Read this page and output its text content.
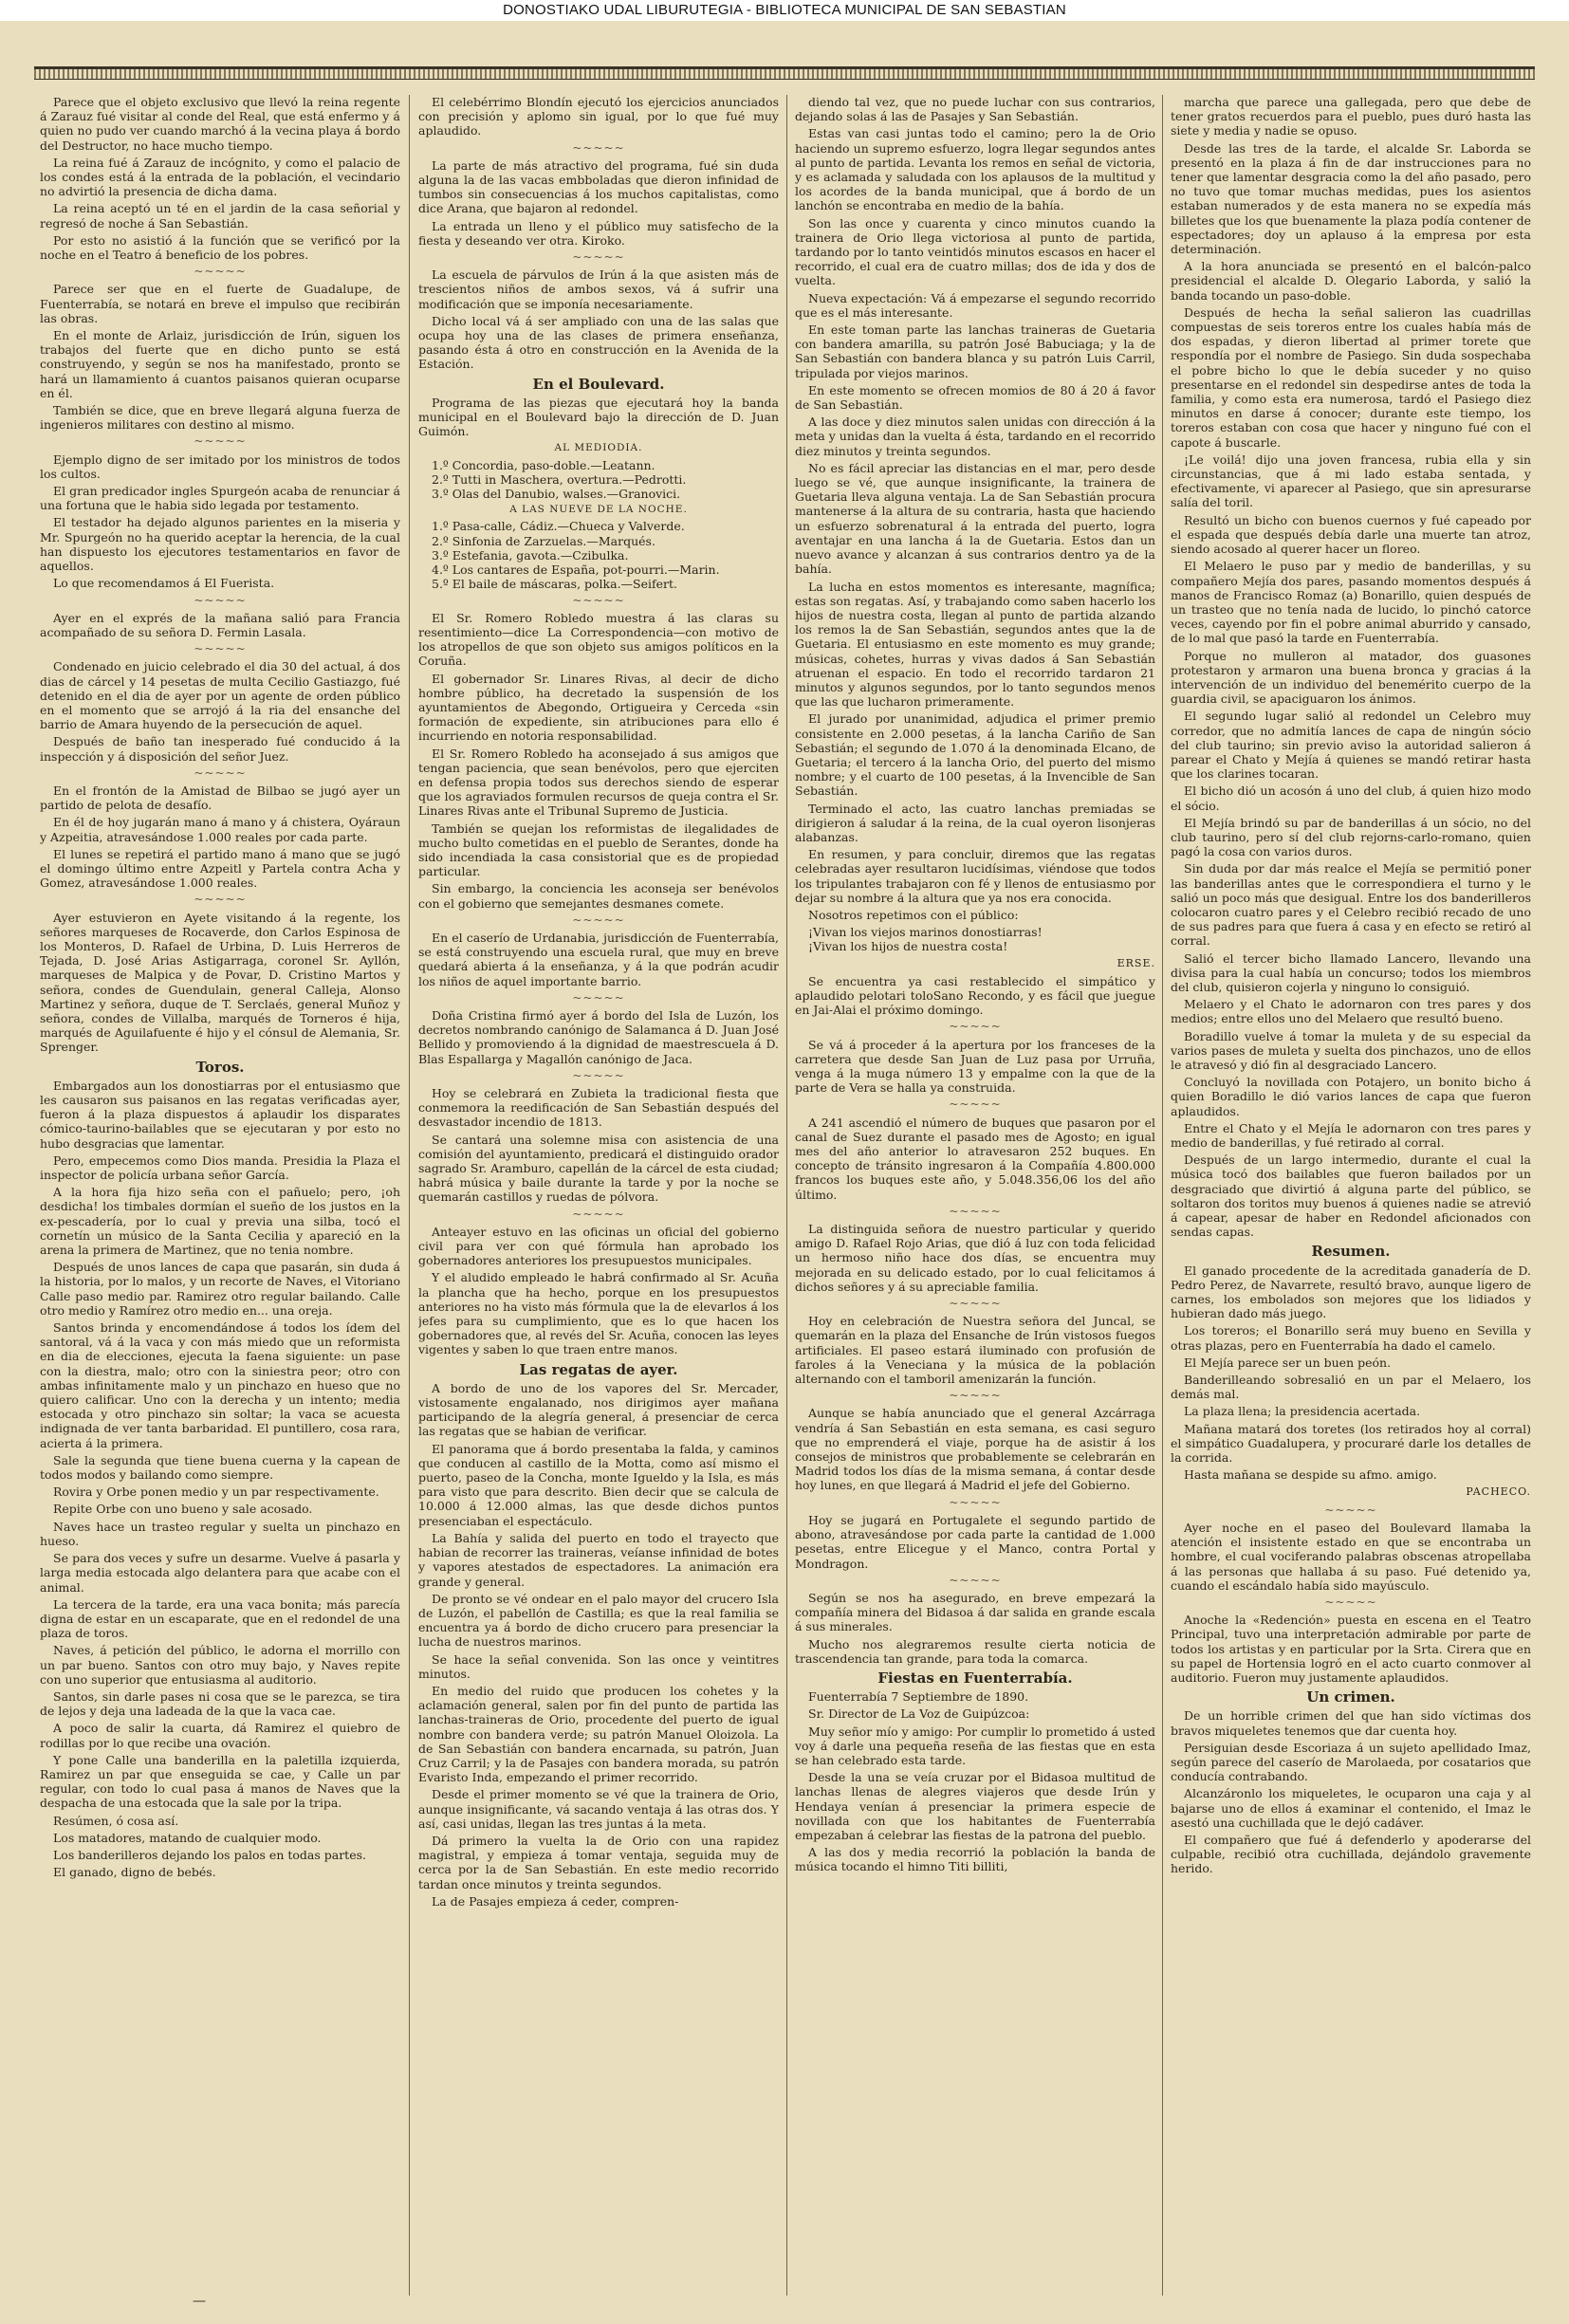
DONOSTIAKO UDAL LIBURUTEGIA - BIBLIOTECA MUNICIPAL DE SAN SEBASTIAN

Parece que el objeto exclusivo que llevó la reina regente á Zarauz fué visitar al conde del Real, que está enfermo y á quien no pudo ver cuando marchó á la vecina playa á bordo del Destructor, no hace mucho tiempo.

La reina fué á Zarauz de incógnito, y como el palacio de los condes está á la entrada de la población, el vecindario no advirtió la presencia de dicha dama.

La reina aceptó un té en el jardin de la casa señorial y regresó de noche á San Sebastián.

Por esto no asistió á la función que se verificó por la noche en el Teatro á beneficio de los pobres.

~~~~~

Parece ser que en el fuerte de Guadalupe, de Fuenterrabía, se notará en breve el impulso que recibirán las obras.

En el monte de Arlaiz, jurisdicción de Irún, siguen los trabajos del fuerte que en dicho punto se está construyendo, y según se nos ha manifestado, pronto se hará un llamamiento á cuantos paisanos quieran ocuparse en él.

También se dice, que en breve llegará alguna fuerza de ingenieros militares con destino al mismo.

~~~~~

Ejemplo digno de ser imitado por los ministros de todos los cultos.

El gran predicador ingles Spurgeón acaba de renunciar á una fortuna que le habia sido legada por testamento.

El testador ha dejado algunos parientes en la miseria y Mr. Spurgeón no ha querido aceptar la herencia, de la cual han dispuesto los ejecutores testamentarios en favor de aquellos.

Lo que recomendamos á El Fuerista.

~~~~~

Ayer en el exprés de la mañana salió para Francia acompañado de su señora D. Fermin Lasala.

~~~~~

Condenado en juicio celebrado el dia 30 del actual, á dos dias de cárcel y 14 pesetas de multa Cecilio Gastiazgo, fué detenido en el dia de ayer por un agente de orden público en el momento que se arrojó á la ria del ensanche del barrio de Amara huyendo de la persecución de aquel.

Después de baño tan inesperado fué conducido á la inspección y á disposición del señor Juez.

~~~~~

En el frontón de la Amistad de Bilbao se jugó ayer un partido de pelota de desafío.

En él de hoy jugarán mano á mano y á chistera, Oyáraun y Azpeitia, atravesándose 1.000 reales por cada parte.

El lunes se repetirá el partido mano á mano que se jugó el domingo último entre Azpeitl y Partela contra Acha y Gomez, atravesándose 1.000 reales.

~~~~~

Ayer estuvieron en Ayete visitando á la regente, los señores marqueses de Rocaverde, don Carlos Espinosa de los Monteros, D. Rafael de Urbina, D. Luis Herreros de Tejada, D. José Arias Astigarraga, coronel Sr. Ayllón, marqueses de Malpica y de Povar, D. Cristino Martos y señora, condes de Guendulain, general Calleja, Alonso Martinez y señora, duque de T. Serclaés, general Muñoz y señora, condes de Villalba, marqués de Torneros é hija, marqués de Aguilafuente é hijo y el cónsul de Alemania, Sr. Sprenger.

Toros.

Embargados aun los donostiarras por el entusiasmo que les causaron sus paisanos en las regatas verificadas ayer, fueron á la plaza dispuestos á aplaudir los disparates cómico-taurino-bailables que se ejecutaran y por esto no hubo desgracias que lamentar.

Pero, empecemos como Dios manda. Presidia la Plaza el inspector de policía urbana señor García.

A la hora fija hizo seña con el pañuelo; pero, ¡oh desdicha! los timbales dormían el sueño de los justos en la ex-pescadería, por lo cual y previa una silba, tocó el cornetín un músico de la Santa Cecilia y apareció en la arena la primera de Martinez, que no tenia nombre.

Después de unos lances de capa que pasarán, sin duda á la historia, por lo malos, y un recorte de Naves, el Vitoriano Calle paso medio par. Ramirez otro regular bailando. Calle otro medio y Ramírez otro medio en... una oreja.

Santos brinda y encomendándose á todos los ídem del santoral, vá á la vaca y con más miedo que un reformista en dia de elecciones, ejecuta la faena siguiente: un pase con la diestra, malo; otro con la siniestra peor; otro con ambas infinitamente malo y un pinchazo en hueso que no quiero calificar. Uno con la derecha y un intento; media estocada y otro pinchazo sin soltar; la vaca se acuesta indignada de ver tanta barbaridad. El puntillero, cosa rara, acierta á la primera.

Sale la segunda que tiene buena cuerna y la capean de todos modos y bailando como siempre.

Rovira y Orbe ponen medio y un par respectivamente.

Repite Orbe con uno bueno y sale acosado.

Naves hace un trasteo regular y suelta un pinchazo en hueso.

Se para dos veces y sufre un desarme. Vuelve á pasarla y larga media estocada algo delantera para que acabe con el animal.

La tercera de la tarde, era una vaca bonita; más parecía digna de estar en un escaparate, que en el redondel de una plaza de toros.

Naves, á petición del público, le adorna el morrillo con un par bueno. Santos con otro muy bajo, y Naves repite con uno superior que entusiasma al auditorio.

Santos, sin darle pases ni cosa que se le parezca, se tira de lejos y deja una ladeada de la que la vaca cae.

A poco de salir la cuarta, dá Ramirez el quiebro de rodillas por lo que recibe una ovación.

Y pone Calle una banderilla en la paletilla izquierda, Ramirez un par que enseguida se cae, y Calle un par regular, con todo lo cual pasa á manos de Naves que la despacha de una estocada que la sale por la tripa.

Resúmen, ó cosa así.

Los matadores, matando de cualquier modo.

Los banderilleros dejando los palos en todas partes.

El ganado, digno de bebés.

El celebérrimo Blondín ejecutó los ejercicios anunciados con precisión y aplomo sin igual, por lo que fué muy aplaudido.

~~~~~

La parte de más atractivo del programa, fué sin duda alguna la de las vacas embboladas que dieron infinidad de tumbos sin consecuencias á los muchos capitalistas, como dice Arana, que bajaron al redondel.

La entrada un lleno y el público muy satisfecho de la fiesta y deseando ver otra. Kiroko.

~~~~~

La escuela de párvulos de Irún á la que asisten más de trescientos niños de ambos sexos, vá á sufrir una modificación que se imponía necesariamente.

Dicho local vá á ser ampliado con una de las salas que ocupa hoy una de las clases de primera enseñanza, pasando ésta á otro en construcción en la Avenida de la Estación.

En el Boulevard.

Programa de las piezas que ejecutará hoy la banda municipal en el Boulevard bajo la dirección de D. Juan Guimón.

AL MEDIODIA.

1.º Concordia, paso-doble.—Leatann.

2.º Tutti in Maschera, overtura.—Pedrotti.

3.º Olas del Danubio, walses.—Granovici.

A LAS NUEVE DE LA NOCHE.

1.º Pasa-calle, Cádiz.—Chueca y Valverde.

2.º Sinfonia de Zarzuelas.—Marqués.

3.º Estefania, gavota.—Czibulka.

4.º Los cantares de España, pot-pourri.—Marin.

5.º El baile de máscaras, polka.—Seifert.

~~~~~

El Sr. Romero Robledo muestra á las claras su resentimiento—dice La Correspondencia—con motivo de los atropellos de que son objeto sus amigos políticos en la Coruña.

El gobernador Sr. Linares Rivas, al decir de dicho hombre público, ha decretado la suspensión de los ayuntamientos de Abegondo, Ortigueira y Cerceda «sin formación de expediente, sin atribuciones para ello é incurriendo en notoria responsabilidad.

El Sr. Romero Robledo ha aconsejado á sus amigos que tengan paciencia, que sean benévolos, pero que ejerciten en defensa propia todos sus derechos siendo de esperar que los agraviados formulen recursos de queja contra el Sr. Linares Rivas ante el Tribunal Supremo de Justicia.

También se quejan los reformistas de ilegalidades de mucho bulto cometidas en el pueblo de Serantes, donde ha sido incendiada la casa consistorial que es de propiedad particular.

Sin embargo, la conciencia les aconseja ser benévolos con el gobierno que semejantes desmanes comete.

~~~~~

En el caserío de Urdanabia, jurisdicción de Fuenterrabía, se está construyendo una escuela rural, que muy en breve quedará abierta á la enseñanza, y á la que podrán acudir los niños de aquel importante barrio.

~~~~~

Doña Cristina firmó ayer á bordo del Isla de Luzón, los decretos nombrando canónigo de Salamanca á D. Juan José Bellido y promoviendo á la dignidad de maestrescuela á D. Blas Espallarga y Magallón canónigo de Jaca.

~~~~~

Hoy se celebrará en Zubieta la tradicional fiesta que conmemora la reedificación de San Sebastián después del desvastador incendio de 1813.

Se cantará una solemne misa con asistencia de una comisión del ayuntamiento, predicará el distinguido orador sagrado Sr. Aramburo, capellán de la cárcel de esta ciudad; habrá música y baile durante la tarde y por la noche se quemarán castillos y ruedas de pólvora.

~~~~~

Anteayer estuvo en las oficinas un oficial del gobierno civil para ver con qué fórmula han aprobado los gobernadores anteriores los presupuestos municipales.

Y el aludido empleado le habrá confirmado al Sr. Acuña la plancha que ha hecho, porque en los presupuestos anteriores no ha visto más fórmula que la de elevarlos á los jefes para su cumplimiento, que es lo que hacen los gobernadores que, al revés del Sr. Acuña, conocen las leyes vigentes y saben lo que traen entre manos.

Las regatas de ayer.

A bordo de uno de los vapores del Sr. Mercader, vistosamente engalanado, nos dirigimos ayer mañana participando de la alegría general, á presenciar de cerca las regatas que se habian de verificar.

El panorama que á bordo presentaba la falda, y caminos que conducen al castillo de la Motta, como así mismo el puerto, paseo de la Concha, monte Igueldo y la Isla, es más para visto que para descrito. Bien decir que se calcula de 10.000 á 12.000 almas, las que desde dichos puntos presenciaban el espectáculo.

La Bahía y salida del puerto en todo el trayecto que habian de recorrer las traineras, veíanse infinidad de botes y vapores atestados de espectadores. La animación era grande y general.

De pronto se vé ondear en el palo mayor del crucero Isla de Luzón, el pabellón de Castilla; es que la real familia se encuentra ya á bordo de dicho crucero para presenciar la lucha de nuestros marinos.

Se hace la señal convenida. Son las once y veintitres minutos.

En medio del ruido que producen los cohetes y la aclamación general, salen por fin del punto de partida las lanchas-traineras de Orio, procedente del puerto de igual nombre con bandera verde; su patrón Manuel Oloizola. La de San Sebastián con bandera encarnada, su patrón, Juan Cruz Carril; y la de Pasajes con bandera morada, su patrón Evaristo Inda, empezando el primer recorrido.

Desde el primer momento se vé que la trainera de Orio, aunque insignificante, vá sacando ventaja á las otras dos. Y así, casi unidas, llegan las tres juntas á la meta.

Dá primero la vuelta la de Orio con una rapidez magistral, y empieza á tomar ventaja, seguida muy de cerca por la de San Sebastián. En este medio recorrido tardan once minutos y treinta segundos.

La de Pasajes empieza á ceder, compren-

diendo tal vez, que no puede luchar con sus contrarios, dejando solas á las de Pasajes y San Sebastián.

Estas van casi juntas todo el camino; pero la de Orio haciendo un supremo esfuerzo, logra llegar segundos antes al punto de partida. Levanta los remos en señal de victoria, y es aclamada y saludada con los aplausos de la multitud y los acordes de la banda municipal, que á bordo de un lanchón se encontraba en medio de la bahía.

Son las once y cuarenta y cinco minutos cuando la trainera de Orio llega victoriosa al punto de partida, tardando por lo tanto veintidós minutos escasos en hacer el recorrido, el cual era de cuatro millas; dos de ida y dos de vuelta.

Nueva expectación: Vá á empezarse el segundo recorrido que es el más interesante.

En este toman parte las lanchas traineras de Guetaria con bandera amarilla, su patrón José Babuciaga; y la de San Sebastián con bandera blanca y su patrón Luis Carril, tripulada por viejos marinos.

En este momento se ofrecen momios de 80 á 20 á favor de San Sebastián.

A las doce y diez minutos salen unidas con dirección á la meta y unidas dan la vuelta á ésta, tardando en el recorrido diez minutos y treinta segundos.

No es fácil apreciar las distancias en el mar, pero desde luego se vé, que aunque insignificante, la trainera de Guetaria lleva alguna ventaja. La de San Sebastián procura mantenerse á la altura de su contraria, hasta que haciendo un esfuerzo sobrenatural á la entrada del puerto, logra aventajar en una lancha á la de Guetaria. Estos dan un nuevo avance y alcanzan á sus contrarios dentro ya de la bahía.

La lucha en estos momentos es interesante, magnífica; estas son regatas. Así, y trabajando como saben hacerlo los hijos de nuestra costa, llegan al punto de partida alzando los remos la de San Sebastián, segundos antes que la de Guetaria. El entusiasmo en este momento es muy grande; músicas, cohetes, hurras y vivas dados á San Sebastián atruenan el espacio. En todo el recorrido tardaron 21 minutos y algunos segundos, por lo tanto segundos menos que las que lucharon primeramente.

El jurado por unanimidad, adjudica el primer premio consistente en 2.000 pesetas, á la lancha Cariño de San Sebastián; el segundo de 1.070 á la denominada Elcano, de Guetaria; el tercero á la lancha Orio, del puerto del mismo nombre; y el cuarto de 100 pesetas, á la Invencible de San Sebastián.

Terminado el acto, las cuatro lanchas premiadas se dirigieron á saludar á la reina, de la cual oyeron lisonjeras alabanzas.

En resumen, y para concluir, diremos que las regatas celebradas ayer resultaron lucidísimas, viéndose que todos los tripulantes trabajaron con fé y llenos de entusiasmo por dejar su nombre á la altura que ya nos era conocida.

Nosotros repetimos con el público:

¡Vivan los viejos marinos donostiarras!

¡Vivan los hijos de nuestra costa!

ERSE.

Se encuentra ya casi restablecido el simpático y aplaudido pelotari toloSano Recondo, y es fácil que juegue en Jai-Alai el próximo domingo.

~~~~~

Se vá á proceder á la apertura por los franceses de la carretera que desde San Juan de Luz pasa por Urruña, venga á la muga número 13 y empalme con la que de la parte de Vera se halla ya construida.

~~~~~

A 241 ascendió el número de buques que pasaron por el canal de Suez durante el pasado mes de Agosto; en igual mes del año anterior lo atravesaron 252 buques. En concepto de tránsito ingresaron á la Compañía 4.800.000 francos los buques este año, y 5.048.356,06 los del año último.

~~~~~

La distinguida señora de nuestro particular y querido amigo D. Rafael Rojo Arias, que dió á luz con toda felicidad un hermoso niño hace dos días, se encuentra muy mejorada en su delicado estado, por lo cual felicitamos á dichos señores y á su apreciable familia.

~~~~~

Hoy en celebración de Nuestra señora del Juncal, se quemarán en la plaza del Ensanche de Irún vistosos fuegos artificiales. El paseo estará iluminado con profusión de faroles á la Veneciana y la música de la población alternando con el tamboril amenizarán la función.

~~~~~

Aunque se había anunciado que el general Azcárraga vendría á San Sebastián en esta semana, es casi seguro que no emprenderá el viaje, porque ha de asistir á los consejos de ministros que probablemente se celebrarán en Madrid todos los días de la misma semana, á contar desde hoy lunes, en que llegará á Madrid el jefe del Gobierno.

~~~~~

Hoy se jugará en Portugalete el segundo partido de abono, atravesándose por cada parte la cantidad de 1.000 pesetas, entre Elicegue y el Manco, contra Portal y Mondragon.

~~~~~

Según se nos ha asegurado, en breve empezará la compañía minera del Bidasoa á dar salida en grande escala á sus minerales.

Mucho nos alegraremos resulte cierta noticia de trascendencia tan grande, para toda la comarca.

Fiestas en Fuenterrabía.

Fuenterrabía 7 Septiembre de 1890.

Sr. Director de La Voz de Guipúzcoa:

Muy señor mío y amigo: Por cumplir lo prometido á usted voy á darle una pequeña reseña de las fiestas que en esta se han celebrado esta tarde.

Desde la una se veía cruzar por el Bidasoa multitud de lanchas llenas de alegres viajeros que desde Irún y Hendaya venían á presenciar la primera especie de novillada con que los habitantes de Fuenterrabía empezaban á celebrar las fiestas de la patrona del pueblo.

A las dos y media recorrió la población la banda de música tocando el himno Titi billiti,

marcha que parece una gallegada, pero que debe de tener gratos recuerdos para el pueblo, pues duró hasta las siete y media y nadie se opuso.

Desde las tres de la tarde, el alcalde Sr. Laborda se presentó en la plaza á fin de dar instrucciones para no tener que lamentar desgracia como la del año pasado, pero no tuvo que tomar muchas medidas, pues los asientos estaban numerados y de esta manera no se expedía más billetes que los que buenamente la plaza podía contener de espectadores; doy un aplauso á la empresa por esta determinación.

A la hora anunciada se presentó en el balcón-palco presidencial el alcalde D. Olegario Laborda, y salió la banda tocando un paso-doble.

Después de hecha la señal salieron las cuadrillas compuestas de seis toreros entre los cuales había más de dos espadas, y dieron libertad al primer torete que respondía por el nombre de Pasiego. Sin duda sospechaba el pobre bicho lo que le debía suceder y no quiso presentarse en el redondel sin despedirse antes de toda la familia, y como esta era numerosa, tardó el Pasiego diez minutos en darse á conocer; durante este tiempo, los toreros estaban con cosa que hacer y ninguno fué con el capote á buscarle.

¡Le voilá! dijo una joven francesa, rubia ella y sin circunstancias, que á mi lado estaba sentada, y efectivamente, vi aparecer al Pasiego, que sin apresurarse salía del toril.

Resultó un bicho con buenos cuernos y fué capeado por el espada que después debía darle una muerte tan atroz, siendo acosado al querer hacer un floreo.

El Melaero le puso par y medio de banderillas, y su compañero Mejía dos pares, pasando momentos después á manos de Francisco Romaz (a) Bonarillo, quien después de un trasteo que no tenía nada de lucido, lo pinchó catorce veces, cayendo por fin el pobre animal aburrido y cansado, de lo mal que pasó la tarde en Fuenterrabía.

Porque no mulleron al matador, dos guasones protestaron y armaron una buena bronca y gracias á la intervención de un individuo del benemérito cuerpo de la guardia civil, se apaciguaron los ánimos.

El segundo lugar salió al redondel un Celebro muy corredor, que no admitía lances de capa de ningún sócio del club taurino; sin previo aviso la autoridad salieron á parear el Chato y Mejía á quienes se mandó retirar hasta que los clarines tocaran.

El bicho dió un acosón á uno del club, á quien hizo modo el sócio.

El Mejía brindó su par de banderillas á un sócio, no del club taurino, pero sí del club rejorns-carlo-romano, quien pagó la cosa con varios duros.

Sin duda por dar más realce el Mejía se permitió poner las banderillas antes que le correspondiera el turno y le salió un poco más que desigual. Entre los dos banderilleros colocaron cuatro pares y el Celebro recibió recado de uno de sus padres para que fuera á casa y en efecto se retiró al corral.

Salió el tercer bicho llamado Lancero, llevando una divisa para la cual había un concurso; todos los miembros del club, quisieron cojerla y ninguno lo consiguió.

Melaero y el Chato le adornaron con tres pares y dos medios; entre ellos uno del Melaero que resultó bueno.

Boradillo vuelve á tomar la muleta y de su especial da varios pases de muleta y suelta dos pinchazos, uno de ellos le atravesó y dió fin al desgraciado Lancero.

Concluyó la novillada con Potajero, un bonito bicho á quien Boradillo le dió varios lances de capa que fueron aplaudidos.

Entre el Chato y el Mejía le adornaron con tres pares y medio de banderillas, y fué retirado al corral.

Después de un largo intermedio, durante el cual la música tocó dos bailables que fueron bailados por un desgraciado que divirtió á alguna parte del público, se soltaron dos toritos muy buenos á quienes nadie se atrevió á capear, apesar de haber en Redondel aficionados con sendas capas.

Resumen.

El ganado procedente de la acreditada ganadería de D. Pedro Perez, de Navarrete, resultó bravo, aunque ligero de carnes, los embolados son mejores que los lidiados y hubieran dado más juego.

Los toreros; el Bonarillo será muy bueno en Sevilla y otras plazas, pero en Fuenterrabía ha dado el camelo.

El Mejía parece ser un buen peón.

Banderilleando sobresalió en un par el Melaero, los demás mal.

La plaza llena; la presidencia acertada.

Mañana matará dos toretes (los retirados hoy al corral) el simpático Guadalupera, y procuraré darle los detalles de la corrida.

Hasta mañana se despide su afmo. amigo.

PACHECO.

~~~~~

Ayer noche en el paseo del Boulevard llamaba la atención el insistente estado en que se encontraba un hombre, el cual vociferando palabras obscenas atropellaba á las personas que hallaba á su paso. Fué detenido ya, cuando el escándalo había sido mayúsculo.

~~~~~

Anoche la «Redención» puesta en escena en el Teatro Principal, tuvo una interpretación admirable por parte de todos los artistas y en particular por la Srta. Cirera que en su papel de Hortensia logró en el acto cuarto conmover al auditorio. Fueron muy justamente aplaudidos.

Un crimen.

De un horrible crimen del que han sido víctimas dos bravos miqueletes tenemos que dar cuenta hoy.

Persiguian desde Escoriaza á un sujeto apellidado Imaz, según parece del caserío de Marolaeda, por cosatarios que conducía contrabando.

Alcanzáronlo los miqueletes, le ocuparon una caja y al bajarse uno de ellos á examinar el contenido, el Imaz le asestó una cuchillada que le dejó cadáver.

El compañero que fué á defenderlo y apoderarse del culpable, recibió otra cuchillada, dejándolo gravemente herido.

—
